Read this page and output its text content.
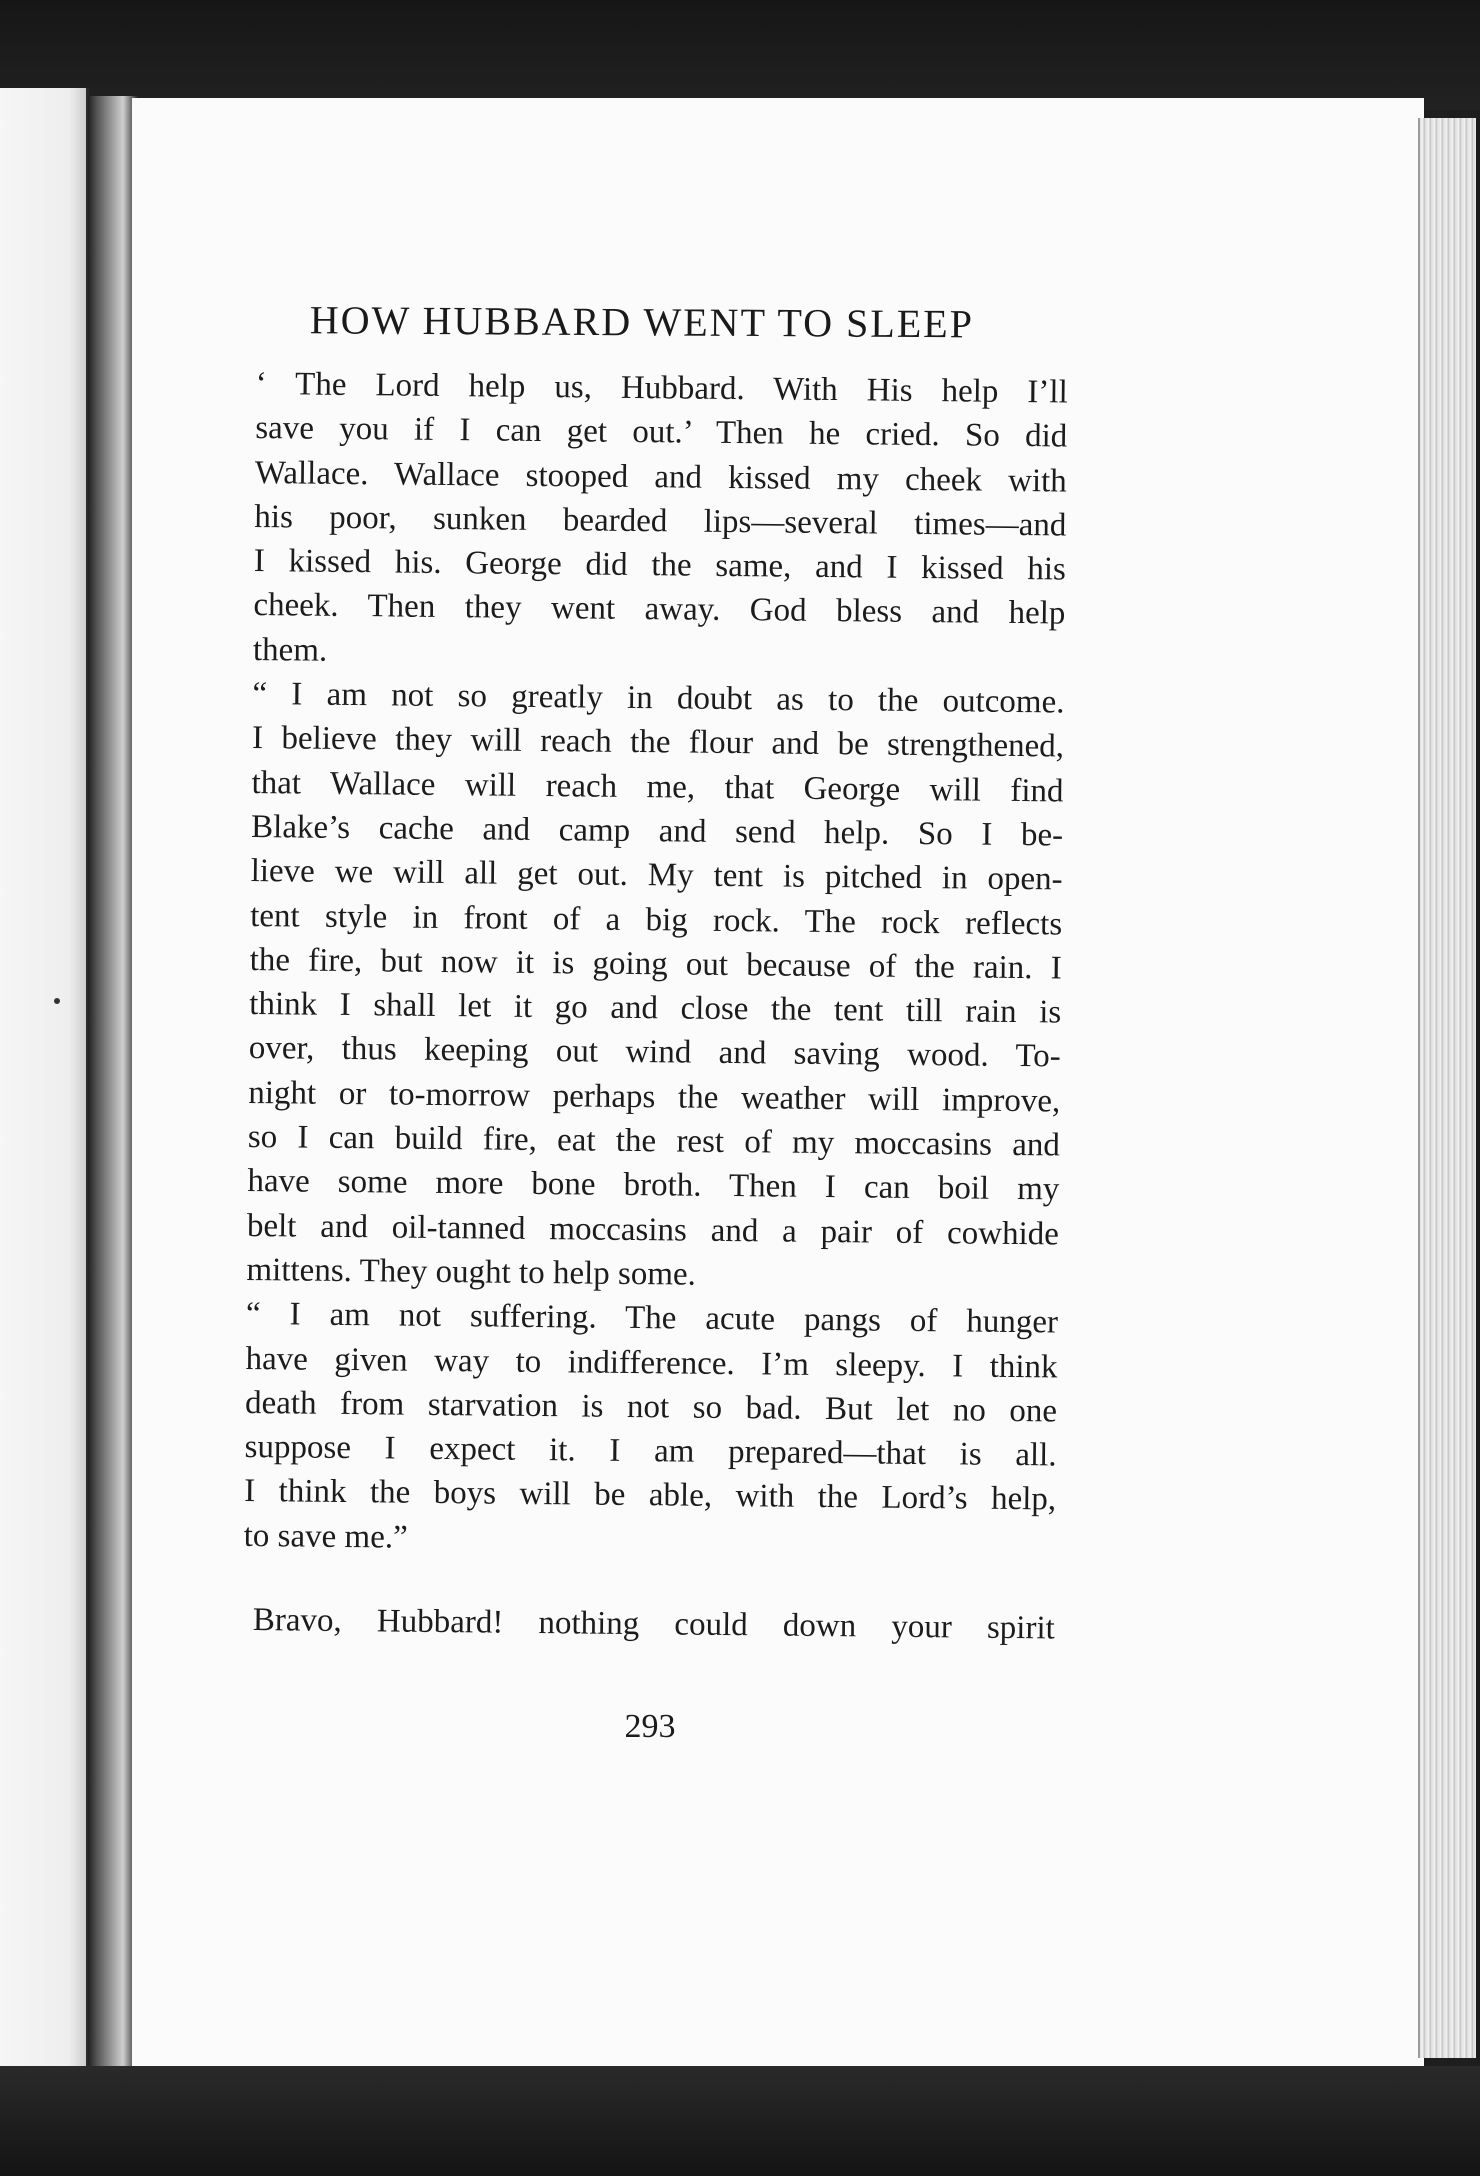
HOW HUBBARD WENT TO SLEEP
‘ The Lord help us, Hubbard. With His help I’ll
save you if I can get out.’ Then he cried. So did
Wallace. Wallace stooped and kissed my cheek with
his poor, sunken bearded lips—several times—and
I kissed his. George did the same, and I kissed his
cheek. Then they went away. God bless and help
them.
“ I am not so greatly in doubt as to the outcome.
I believe they will reach the flour and be strengthened,
that Wallace will reach me, that George will find
Blake’s cache and camp and send help. So I be-
lieve we will all get out. My tent is pitched in open-
tent style in front of a big rock. The rock reflects
the fire, but now it is going out because of the rain. I
think I shall let it go and close the tent till rain is
over, thus keeping out wind and saving wood. To-
night or to-morrow perhaps the weather will improve,
so I can build fire, eat the rest of my moccasins and
have some more bone broth. Then I can boil my
belt and oil-tanned moccasins and a pair of cowhide
mittens. They ought to help some.
“ I am not suffering. The acute pangs of hunger
have given way to indifference. I’m sleepy. I think
death from starvation is not so bad. But let no one
suppose I expect it. I am prepared—that is all.
I think the boys will be able, with the Lord’s help,
to save me.”
Bravo, Hubbard! nothing could down your spirit
293
